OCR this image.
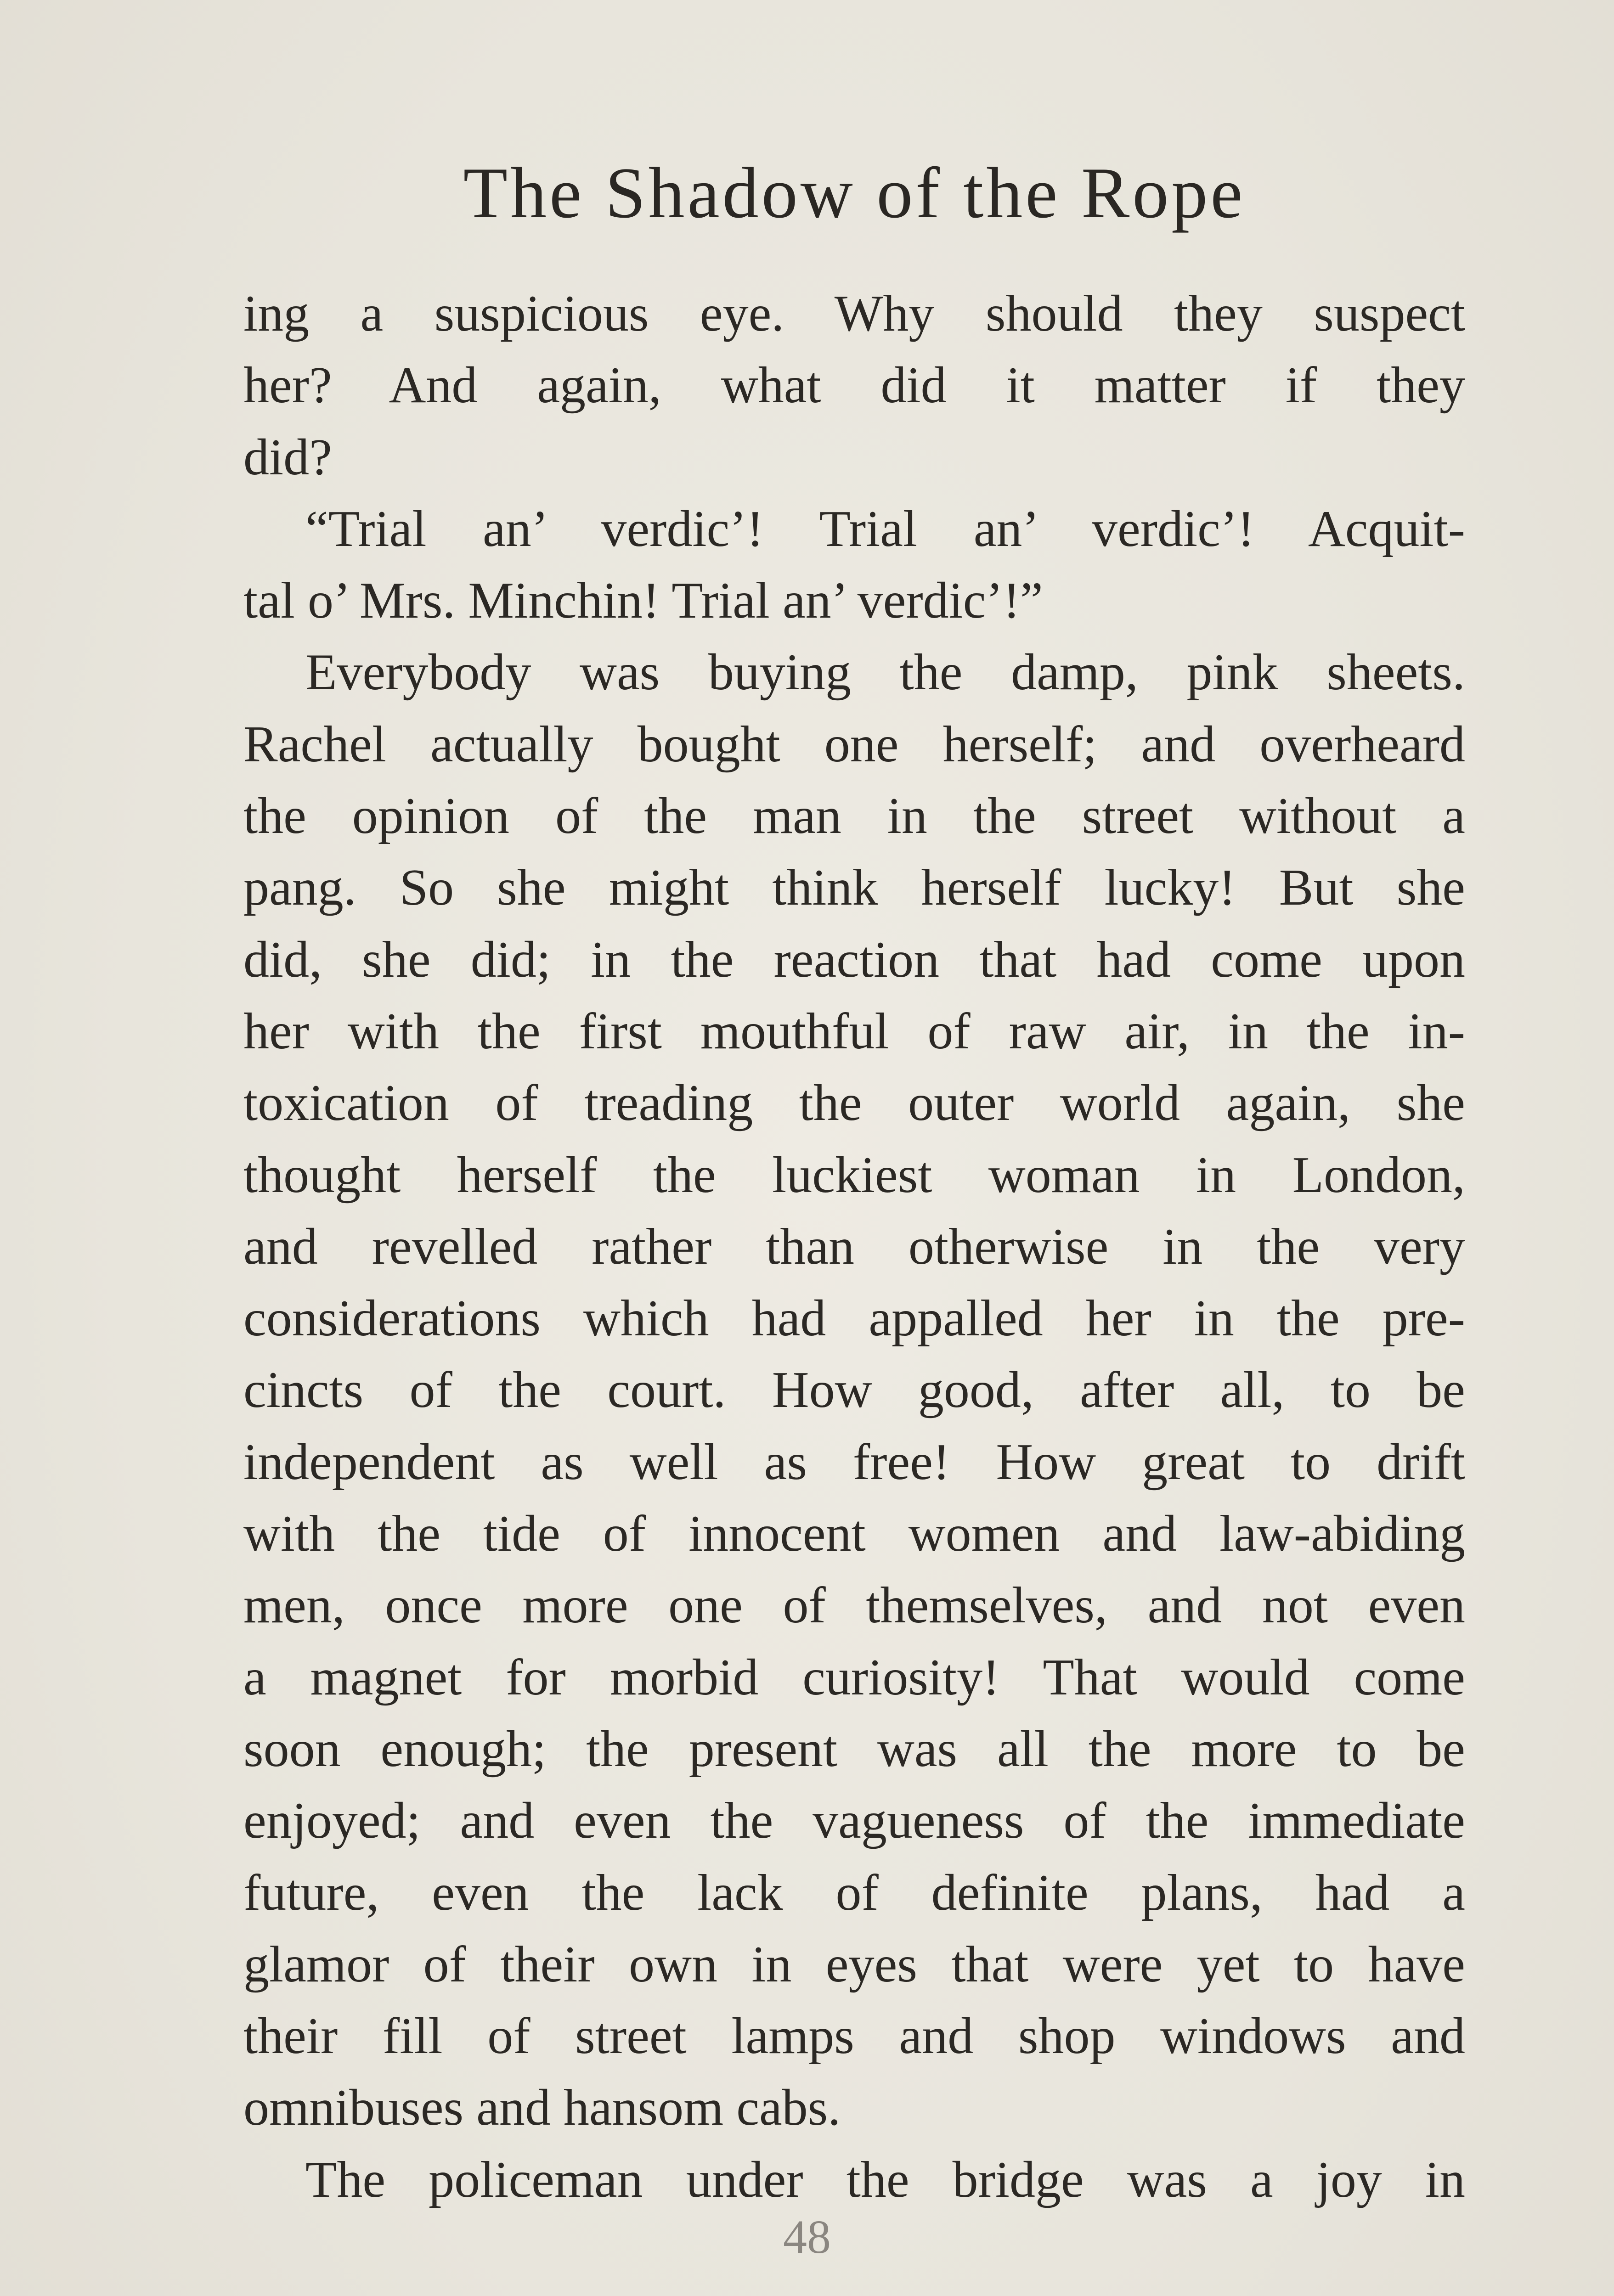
The Shadow of the Rope
ing a suspicious eye. Why should they suspect
her? And again, what did it matter if they
did?
“Trial an’ verdic’! Trial an’ verdic’! Acquit-
tal o’ Mrs. Minchin! Trial an’ verdic’!”
Everybody was buying the damp, pink sheets.
Rachel actually bought one herself; and overheard
the opinion of the man in the street without a
pang. So she might think herself lucky! But she
did, she did; in the reaction that had come upon
her with the first mouthful of raw air, in the in-
toxication of treading the outer world again, she
thought herself the luckiest woman in London,
and revelled rather than otherwise in the very
considerations which had appalled her in the pre-
cincts of the court. How good, after all, to be
independent as well as free! How great to drift
with the tide of innocent women and law-abiding
men, once more one of themselves, and not even
a magnet for morbid curiosity! That would come
soon enough; the present was all the more to be
enjoyed; and even the vagueness of the immediate
future, even the lack of definite plans, had a
glamor of their own in eyes that were yet to have
their fill of street lamps and shop windows and
omnibuses and hansom cabs.
The policeman under the bridge was a joy in
48
